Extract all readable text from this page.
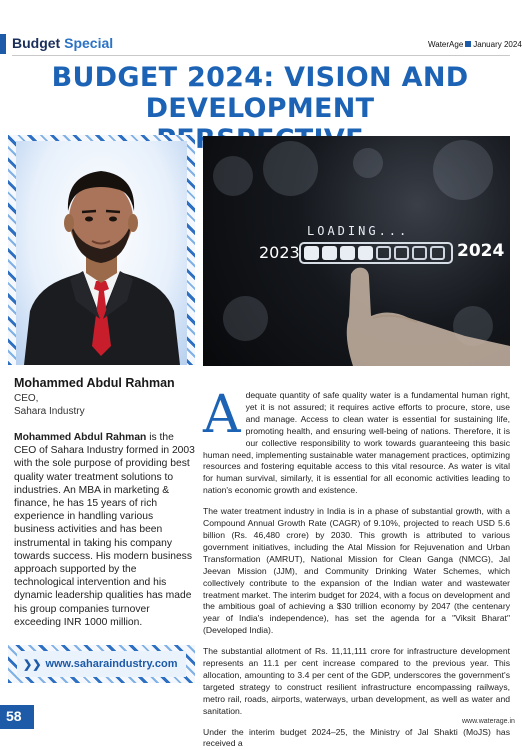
Budget Special	WaterAge January 2024
BUDGET 2024: VISION AND
DEVELOPMENT
LOADING...
2023	2024
Mohammed Abdul Rahman
CEO,
Sahara Industry
Mohammed Abdul Rahman is the CEO of Sahara Industry formed in 2003 with the sole purpose of providing best quality water treatment solutions to industries. An MBA in marketing & finance, he has 15 years of rich experience in handling various business activities and has been instrumental in taking his company towards success. His modern business approach supported by the technological intervention and his dynamic leadership qualities has made his group companies turnover exceeding INR 1000 million.
❯❯ www.saharaindustry.com

Adequate quantity of safe quality water is a fundamental human right, yet it is not assured; it requires active efforts to procure, store, use and manage. Access to clean water is essential for sustaining life, promoting health, and ensuring well-being of nations. Therefore, it is our collective responsibility to work towards guaranteeing this basic human need, implementing sustainable water management practices, optimizing resources and fostering equitable access to this vital resource. As water is vital for human survival, similarly, it is essential for all economic activities leading to nation's economic growth and existence.

The water treatment industry in India is in a phase of substantial growth, with a Compound Annual Growth Rate (CAGR) of 9.10%, projected to reach USD 5.6 billion (Rs. 46,480 crore) by 2030. This growth is attributed to various government initiatives, including the Atal Mission for Rejuvenation and Urban Transformation (AMRUT), National Mission for Clean Ganga (NMCG), Jal Jeevan Mission (JJM), and Community Drinking Water Schemes, which collectively contribute to the expansion of the Indian water and wastewater treatment market. The interim budget for 2024, with a focus on development and the ambitious goal of achieving a $30 trillion economy by 2047 (the centenary year of India's independence), has set the agenda for a "Viksit Bharat" (Developed India).

The substantial allotment of Rs. 11,11,111 crore for infrastructure development represents an 11.1 per cent increase compared to the previous year. This allocation, amounting to 3.4 per cent of the GDP, underscores the government's targeted strategy to construct resilient infrastructure encompassing railways, metro rail, roads, airports, waterways, urban development, as well as water and sanitation.

Under the interim budget 2024–25, the Ministry of Jal Shakti (MoJS) has received a

58	www.waterage.in
